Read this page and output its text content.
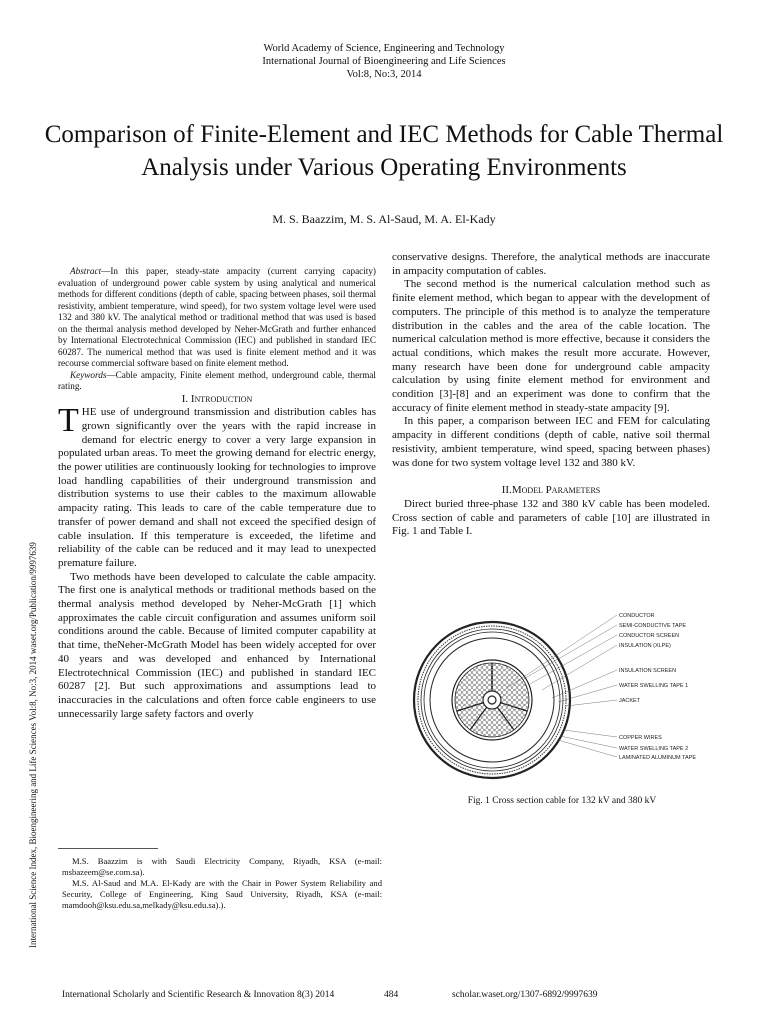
World Academy of Science, Engineering and Technology
International Journal of Bioengineering and Life Sciences
Vol:8, No:3, 2014
Comparison of Finite-Element and IEC Methods for Cable Thermal Analysis under Various Operating Environments
M. S. Baazzim, M. S. Al-Saud, M. A. El-Kady
International Science Index, Bioengineering and Life Sciences Vol:8, No:3, 2014 waset.org/Publication/9997639

Abstract—In this paper, steady-state ampacity (current carrying capacity) evaluation of underground power cable system by using analytical and numerical methods for different conditions (depth of cable, spacing between phases, soil thermal resistivity, ambient temperature, wind speed), for two system voltage level were used 132 and 380 kV. The analytical method or traditional method that was used is based on the thermal analysis method developed by Neher-McGrath and further enhanced by International Electrotechnical Commission (IEC) and published in standard IEC 60287. The numerical method that was used is finite element method and it was recourse commercial software based on finite element method.

Keywords—Cable ampacity, Finite element method, underground cable, thermal rating.

I. Introduction

THE use of underground transmission and distribution cables has grown significantly over the years with the rapid increase in demand for electric energy to cover a very large expansion in populated urban areas. To meet the growing demand for electric energy, the power utilities are continuously looking for technologies to improve load handling capabilities of their underground transmission and distribution systems to use their cables to the maximum allowable ampacity rating. This leads to care of the cable temperature due to transfer of power demand and shall not exceed the specified design of cable insulation. If this temperature is exceeded, the lifetime and reliability of the cable can be reduced and it may lead to unexpected premature failure.

Two methods have been developed to calculate the cable ampacity. The first one is analytical methods or traditional methods based on the thermal analysis method developed by Neher-McGrath [1] which approximates the cable circuit configuration and assumes uniform soil conditions around the cable. Because of limited computer capability at that time, theNeher-McGrath Model has been widely accepted for over 40 years and was developed and enhanced by International Electrotechnical Commission (IEC) and published in standard IEC 60287 [2]. But such approximations and assumptions lead to inaccuracies in the calculations and often force cable engineers to use unnecessarily large safety factors and overly

conservative designs. Therefore, the analytical methods are inaccurate in ampacity computation of cables.

The second method is the numerical calculation method such as finite element method, which began to appear with the development of computers. The principle of this method is to analyze the temperature distribution in the cables and the area of the cable location. The numerical calculation method is more effective, because it considers the actual conditions, which makes the result more accurate. However, many research have been done for underground cable ampacity calculation by using finite element method for environment and condition [3]-[8] and an experiment was done to confirm that the accuracy of finite element method in steady-state ampacity [9].

In this paper, a comparison between IEC and FEM for calculating ampacity in different conditions (depth of cable, native soil thermal resistivity, ambient temperature, wind speed, spacing between phases) was done for two system voltage level 132 and 380 kV.

II.Model Parameters

Direct buried three-phase 132 and 380 kV cable has been modeled. Cross section of cable and parameters of cable [10] are illustrated in Fig. 1 and Table I.

CONDUCTOR
SEMI-CONDUCTIVE TAPE
CONDUCTOR SCREEN
INSULATION (XLPE)
INSULATION SCREEN
WATER SWELLING TAPE 1
JACKET
COPPER WIRES
WATER SWELLING TAPE 2
LAMINATED ALUMINUM TAPE
Fig. 1 Cross section cable for 132 kV and 380 kV

M.S. Baazzim is with Saudi Electricity Company, Riyadh, KSA (e-mail: msbazeem@se.com.sa).

M.S. Al-Saud and M.A. El-Kady are with the Chair in Power System Reliability and Security, College of Engineering, King Saud University, Riyadh, KSA (e-mail: mamdooh@ksu.edu.sa,melkady@ksu.edu.sa).).

International Scholarly and Scientific Research & Innovation 8(3) 2014	484	scholar.waset.org/1307-6892/9997639
